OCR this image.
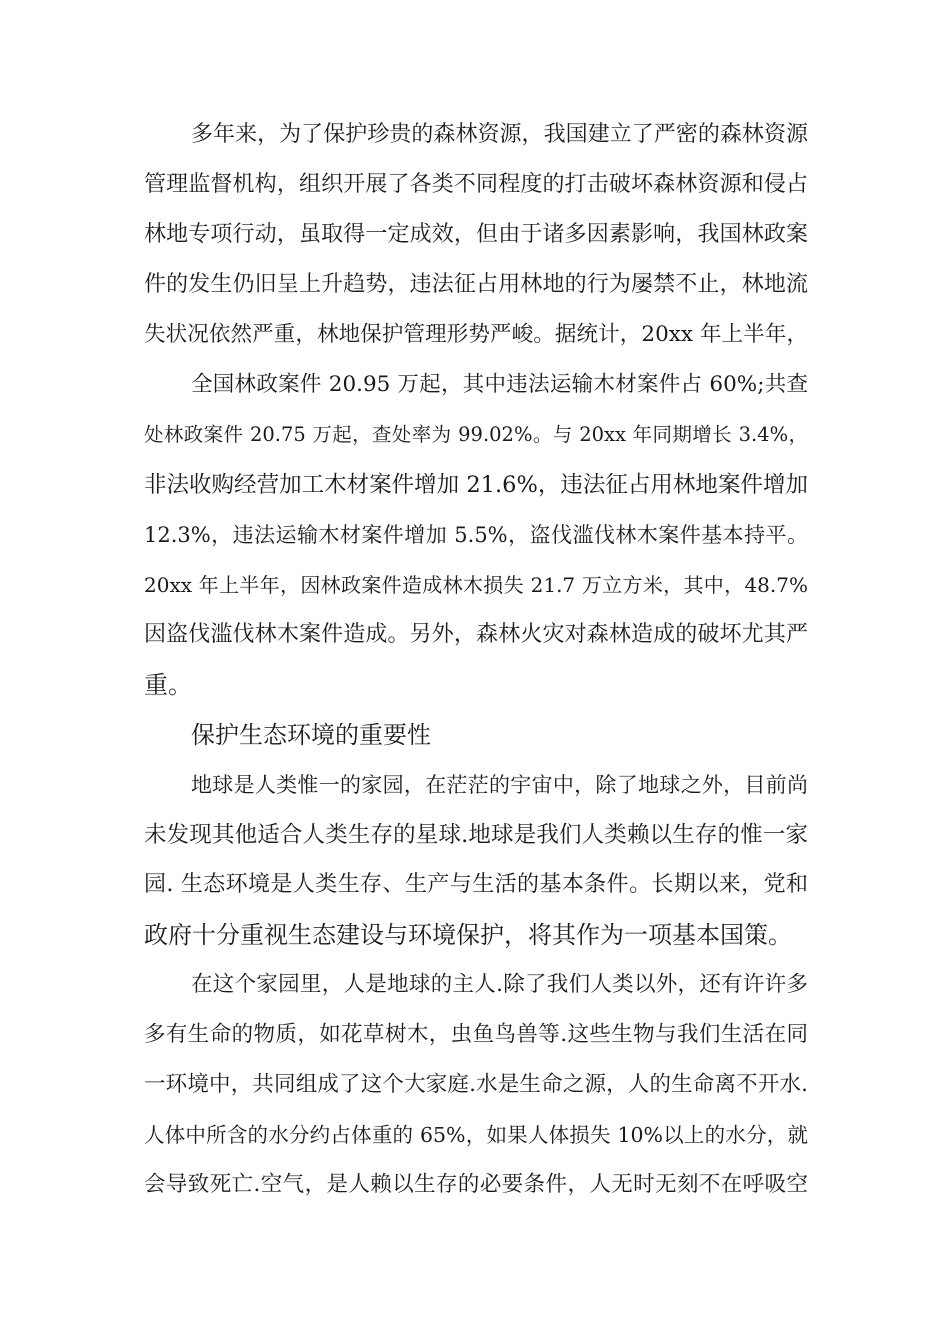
多年来，为了保护珍贵的森林资源，我国建立了严密的森林资源

管理监督机构，组织开展了各类不同程度的打击破坏森林资源和侵占

林地专项行动，虽取得一定成效，但由于诸多因素影响，我国林政案

件的发生仍旧呈上升趋势，违法征占用林地的行为屡禁不止，林地流

失状况依然严重，林地保护管理形势严峻。据统计，20xx 年上半年，

全国林政案件 20.95 万起，其中违法运输木材案件占 60%;共查

处林政案件 20.75 万起，查处率为 99.02%。与 20xx 年同期增长 3.4%，

非法收购经营加工木材案件增加 21.6%，违法征占用林地案件增加

12.3%，违法运输木材案件增加 5.5%，盗伐滥伐林木案件基本持平。

20xx 年上半年，因林政案件造成林木损失 21.7 万立方米，其中，48.7%

因盗伐滥伐林木案件造成。另外，森林火灾对森林造成的破坏尤其严

重。

保护生态环境的重要性

地球是人类惟一的家园，在茫茫的宇宙中，除了地球之外，目前尚

未发现其他适合人类生存的星球.地球是我们人类赖以生存的惟一家

园. 生态环境是人类生存、生产与生活的基本条件。长期以来，党和

政府十分重视生态建设与环境保护，将其作为一项基本国策。

在这个家园里，人是地球的主人.除了我们人类以外，还有许许多

多有生命的物质，如花草树木，虫鱼鸟兽等.这些生物与我们生活在同

一环境中，共同组成了这个大家庭.水是生命之源，人的生命离不开水.

人体中所含的水分约占体重的 65%，如果人体损失 10%以上的水分，就

会导致死亡.空气，是人赖以生存的必要条件，人无时无刻不在呼吸空
